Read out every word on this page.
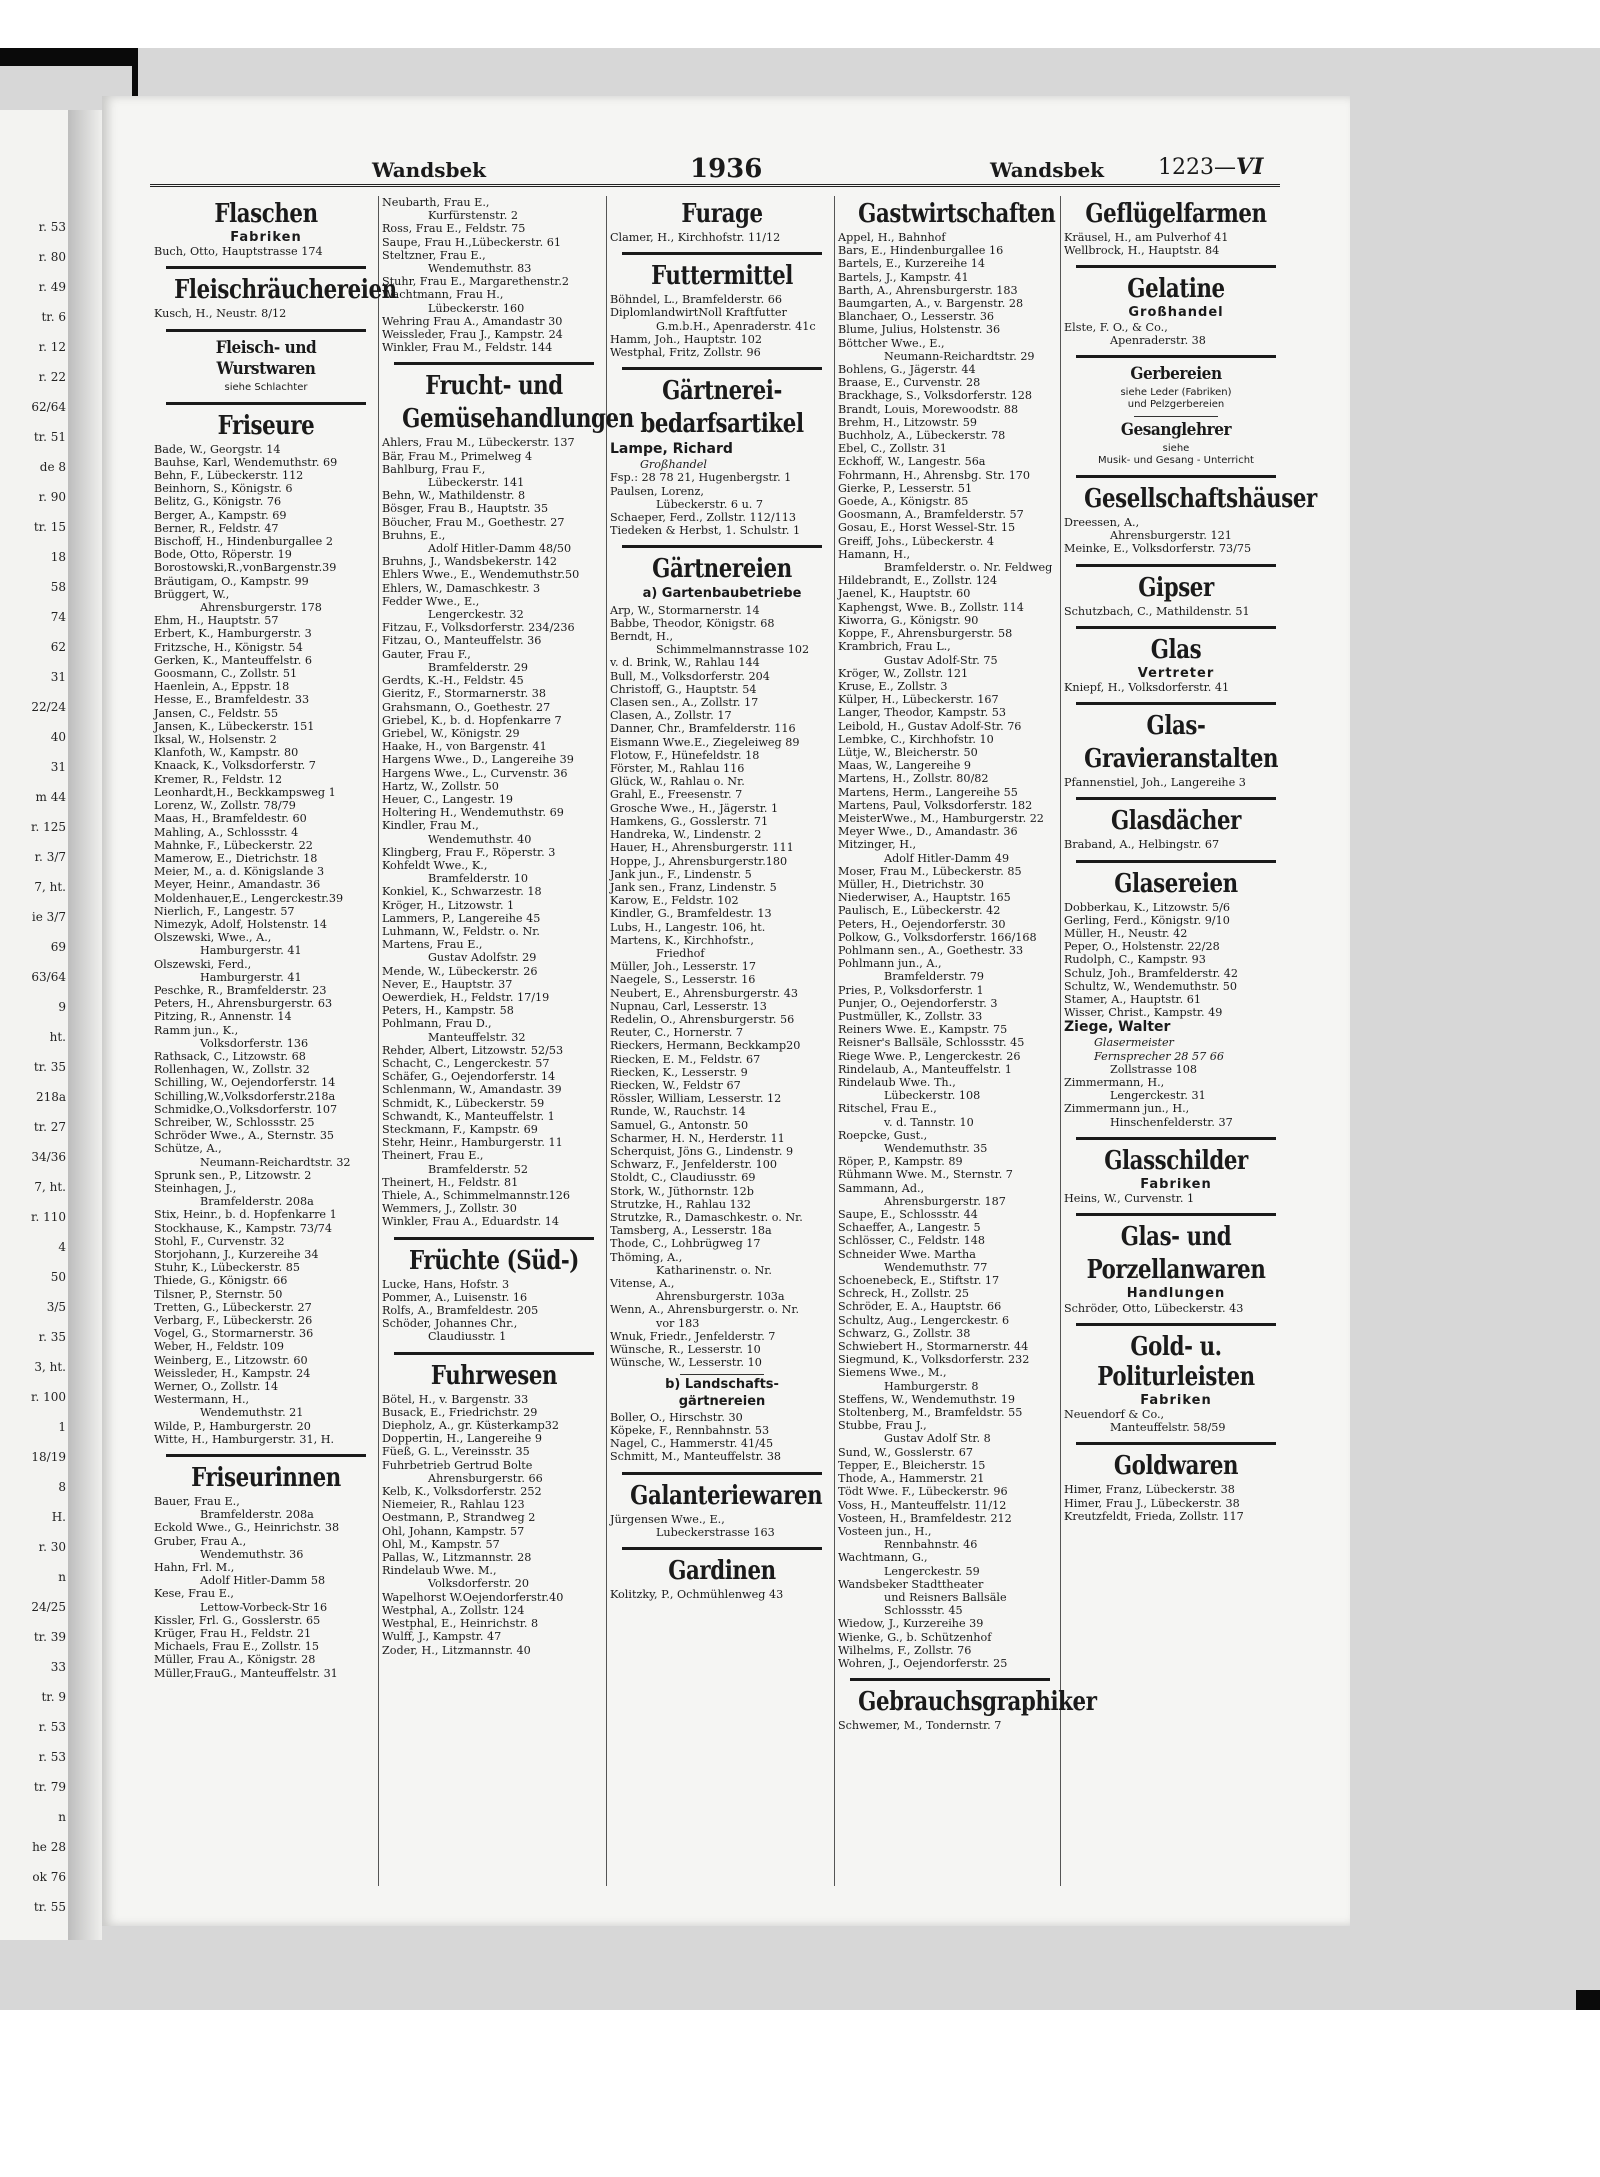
r. 53
r. 80
r. 49
tr. 6
r. 12
r. 22
62/64
tr. 51
de 8
r. 90
tr. 15
18
58
74
62
31
22/24
40
31
m 44
r. 125
r. 3/7
7, ht.
ie 3/7
69
63/64
9
ht.
tr. 35
218a
tr. 27
34/36
7, ht.
r. 110
4
50
3/5
r. 35
3, ht.
r. 100
1
18/19
8
H.
r. 30
n
24/25
tr. 39
33
tr. 9
r. 53
r. 53
tr. 79
n
he 28
ok 76
tr. 55
Wandsbek	1936	Wandsbek 1223—VI
Flaschen
Fabriken
Buch, Otto, Hauptstrasse 174
Fleischräuchereien
Kusch, H., Neustr. 8/12
Fleisch- und Wurstwaren
siehe Schlachter
Friseure
Bade, W., Georgstr. 14
Bauhse, Karl, Wendemuthstr. 69
Behn, F., Lübeckerstr. 112
Beinhorn, S., Königstr. 6
Belitz, G., Königstr. 76
Berger, A., Kampstr. 69
Berner, R., Feldstr. 47
Bischoff, H., Hindenburgallee 2
Bode, Otto, Röperstr. 19
Borostowski,R.,vonBargenstr.39
Bräutigam, O., Kampstr. 99
Brüggert, W.,
Ahrensburgerstr. 178
Ehm, H., Hauptstr. 57
Erbert, K., Hamburgerstr. 3
Fritzsche, H., Königstr. 54
Gerken, K., Manteuffelstr. 6
Goosmann, C., Zollstr. 51
Haenlein, A., Eppstr. 18
Hesse, E., Bramfeldestr. 33
Jansen, C., Feldstr. 55
Jansen, K., Lübeckerstr. 151
Iksal, W., Holsenstr. 2
Klanfoth, W., Kampstr. 80
Knaack, K., Volksdorferstr. 7
Kremer, R., Feldstr. 12
Leonhardt,H., Beckkampsweg 1
Lorenz, W., Zollstr. 78/79
Maas, H., Bramfeldestr. 60
Mahling, A., Schlossstr. 4
Mahnke, F., Lübeckerstr. 22
Mamerow, E., Dietrichstr. 18
Meier, M., a. d. Königslande 3
Meyer, Heinr., Amandastr. 36
Moldenhauer,E., Lengerckestr.39
Nierlich, F., Langestr. 57
Nimezyk, Adolf, Holstenstr. 14
Olszewski, Wwe., A.,
Hamburgerstr. 41
Olszewski, Ferd.,
Hamburgerstr. 41
Peschke, R., Bramfelderstr. 23
Peters, H., Ahrensburgerstr. 63
Pitzing, R., Annenstr. 14
Ramm jun., K.,
Volksdorferstr. 136
Rathsack, C., Litzowstr. 68
Rollenhagen, W., Zollstr. 32
Schilling, W., Oejendorferstr. 14
Schilling,W.,Volksdorferstr.218a
Schmidke,O.,Volksdorferstr. 107
Schreiber, W., Schlossstr. 25
Schröder Wwe., A., Sternstr. 35
Schütze, A.,
Neumann-Reichardtstr. 32
Sprunk sen., P., Litzowstr. 2
Steinhagen, J.,
Bramfelderstr. 208a
Stix, Heinr., b. d. Hopfenkarre 1
Stockhause, K., Kampstr. 73/74
Stohl, F., Curvenstr. 32
Storjohann, J., Kurzereihe 34
Stuhr, K., Lübeckerstr. 85
Thiede, G., Königstr. 66
Tilsner, P., Sternstr. 50
Tretten, G., Lübeckerstr. 27
Verbarg, F., Lübeckerstr. 26
Vogel, G., Stormarnerstr. 36
Weber, H., Feldstr. 109
Weinberg, E., Litzowstr. 60
Weissleder, H., Kampstr. 24
Werner, O., Zollstr. 14
Westermann, H.,
Wendemuthstr. 21
Wilde, P., Hamburgerstr. 20
Witte, H., Hamburgerstr. 31, H.
Friseurinnen
Bauer, Frau E.,
Bramfelderstr. 208a
Eckold Wwe., G., Heinrichstr. 38
Gruber, Frau A.,
Wendemuthstr. 36
Hahn, Frl. M.,
Adolf Hitler-Damm 58
Kese, Frau E.,
Lettow-Vorbeck-Str 16
Kissler, Frl. G., Gosslerstr. 65
Krüger, Frau H., Feldstr. 21
Michaels, Frau E., Zollstr. 15
Müller, Frau A., Königstr. 28
Müller,FrauG., Manteuffelstr. 31
Neubarth, Frau E.,
Kurfürstenstr. 2
Ross, Frau E., Feldstr. 75
Saupe, Frau H.,Lübeckerstr. 61
Steltzner, Frau E.,
Wendemuthstr. 83
Stuhr, Frau E., Margarethenstr.2
Wachtmann, Frau H.,
Lübeckerstr. 160
Wehring Frau A., Amandastr 30
Weissleder, Frau J., Kampstr. 24
Winkler, Frau M., Feldstr. 144
Frucht- und
Gemüsehandlungen
Ahlers, Frau M., Lübeckerstr. 137
Bär, Frau M., Primelweg 4
Bahlburg, Frau F.,
Lübeckerstr. 141
Behn, W., Mathildenstr. 8
Bösger, Frau B., Hauptstr. 35
Böucher, Frau M., Goethestr. 27
Bruhns, E.,
Adolf Hitler-Damm 48/50
Bruhns, J., Wandsbekerstr. 142
Ehlers Wwe., E., Wendemuthstr.50
Ehlers, W., Damaschkestr. 3
Fedder Wwe., E.,
Lengerckestr. 32
Fitzau, F., Volksdorferstr. 234/236
Fitzau, O., Manteuffelstr. 36
Gauter, Frau F.,
Bramfelderstr. 29
Gerdts, K.-H., Feldstr. 45
Gieritz, F., Stormarnerstr. 38
Grahsmann, O., Goethestr. 27
Griebel, K., b. d. Hopfenkarre 7
Griebel, W., Königstr. 29
Haake, H., von Bargenstr. 41
Hargens Wwe., D., Langereihe 39
Hargens Wwe., L., Curvenstr. 36
Hartz, W., Zollstr. 50
Heuer, C., Langestr. 19
Holtering H., Wendemuthstr. 69
Kindler, Frau M.,
Wendemuthstr. 40
Klingberg, Frau F., Röperstr. 3
Kohfeldt Wwe., K.,
Bramfelderstr. 10
Konkiel, K., Schwarzestr. 18
Kröger, H., Litzowstr. 1
Lammers, P., Langereihe 45
Luhmann, W., Feldstr. o. Nr.
Martens, Frau E.,
Gustav Adolfstr. 29
Mende, W., Lübeckerstr. 26
Never, E., Hauptstr. 37
Oewerdiek, H., Feldstr. 17/19
Peters, H., Kampstr. 58
Pohlmann, Frau D.,
Manteuffelstr. 32
Rehder, Albert, Litzowstr. 52/53
Schacht, C., Lengerckestr. 57
Schäfer, G., Oejendorferstr. 14
Schlenmann, W., Amandastr. 39
Schmidt, K., Lübeckerstr. 59
Schwandt, K., Manteuffelstr. 1
Steckmann, F., Kampstr. 69
Stehr, Heinr., Hamburgerstr. 11
Theinert, Frau E.,
Bramfelderstr. 52
Theinert, H., Feldstr. 81
Thiele, A., Schimmelmannstr.126
Wemmers, J., Zollstr. 30
Winkler, Frau A., Eduardstr. 14
Früchte (Süd-)
Lucke, Hans, Hofstr. 3
Pommer, A., Luisenstr. 16
Rolfs, A., Bramfeldestr. 205
Schöder, Johannes Chr.,
Claudiusstr. 1
Fuhrwesen
Bötel, H., v. Bargenstr. 33
Busack, E., Friedrichstr. 29
Diepholz, A., gr. Küsterkamp32
Doppertin, H., Langereihe 9
Füeß, G. L., Vereinsstr. 35
Fuhrbetrieb Gertrud Bolte
Ahrensburgerstr. 66
Kelb, K., Volksdorferstr. 252
Niemeier, R., Rahlau 123
Oestmann, P., Strandweg 2
Ohl, Johann, Kampstr. 57
Ohl, M., Kampstr. 57
Pallas, W., Litzmannstr. 28
Rindelaub Wwe. M.,
Volksdorferstr. 20
Wapelhorst W.Oejendorferstr.40
Westphal, A., Zollstr. 124
Westphal, E., Heinrichstr. 8
Wulff, J., Kampstr. 47
Zoder, H., Litzmannstr. 40
Furage
Clamer, H., Kirchhofstr. 11/12
Futtermittel
Böhndel, L., Bramfelderstr. 66
DiplomlandwirtNoll Kraftfutter
G.m.b.H., Apenraderstr. 41c
Hamm, Joh., Hauptstr. 102
Westphal, Fritz, Zollstr. 96
Gärtnerei-
bedarfsartikel
Lampe, Richard
Großhandel
Fsp.: 28 78 21, Hugenbergstr. 1
Paulsen, Lorenz,
Lübeckerstr. 6 u. 7
Schaeper, Ferd., Zollstr. 112/113
Tiedeken & Herbst, 1. Schulstr. 1
Gärtnereien
a) Gartenbaubetriebe
Arp, W., Stormarnerstr. 14
Babbe, Theodor, Königstr. 68
Berndt, H.,
Schimmelmannstrasse 102
v. d. Brink, W., Rahlau 144
Bull, M., Volksdorferstr. 204
Christoff, G., Hauptstr. 54
Clasen sen., A., Zollstr. 17
Clasen, A., Zollstr. 17
Danner, Chr., Bramfelderstr. 116
Eismann Wwe.E., Ziegeleiweg 89
Flotow, F., Hünefeldstr. 18
Förster, M., Rahlau 116
Glück, W., Rahlau o. Nr.
Grahl, E., Freesenstr. 7
Grosche Wwe., H., Jägerstr. 1
Hamkens, G., Gosslerstr. 71
Handreka, W., Lindenstr. 2
Hauer, H., Ahrensburgerstr. 111
Hoppe, J., Ahrensburgerstr.180
Jank jun., F., Lindenstr. 5
Jank sen., Franz, Lindenstr. 5
Karow, E., Feldstr. 102
Kindler, G., Bramfeldestr. 13
Lubs, H., Langestr. 106, ht.
Martens, K., Kirchhofstr.,
Friedhof
Müller, Joh., Lesserstr. 17
Naegele, S., Lesserstr. 16
Neubert, E., Ahrensburgerstr. 43
Nupnau, Carl, Lesserstr. 13
Redelin, O., Ahrensburgerstr. 56
Reuter, C., Hornerstr. 7
Rieckers, Hermann, Beckkamp20
Riecken, E. M., Feldstr. 67
Riecken, K., Lesserstr. 9
Riecken, W., Feldstr 67
Rössler, William, Lesserstr. 12
Runde, W., Rauchstr. 14
Samuel, G., Antonstr. 50
Scharmer, H. N., Herderstr. 11
Scherquist, Jöns G., Lindenstr. 9
Schwarz, F., Jenfelderstr. 100
Stoldt, C., Claudiusstr. 69
Stork, W., Jüthornstr. 12b
Strutzke, H., Rahlau 132
Strutzke, R., Damaschkestr. o. Nr.
Tamsberg, A., Lesserstr. 18a
Thode, C., Lohbrügweg 17
Thöming, A.,
Katharinenstr. o. Nr.
Vitense, A.,
Ahrensburgerstr. 103a
Wenn, A., Ahrensburgerstr. o. Nr.
vor 183
Wnuk, Friedr., Jenfelderstr. 7
Wünsche, R., Lesserstr. 10
Wünsche, W., Lesserstr. 10
b) Landschafts-
gärtnereien
Boller, O., Hirschstr. 30
Köpeke, F., Rennbahnstr. 53
Nagel, C., Hammerstr. 41/45
Schmitt, M., Manteuffelstr. 38
Galanteriewaren
Jürgensen Wwe., E.,
Lubeckerstrasse 163
Gardinen
Kolitzky, P., Ochmühlenweg 43
Gastwirtschaften
Appel, H., Bahnhof
Bars, E., Hindenburgallee 16
Bartels, E., Kurzereihe 14
Bartels, J., Kampstr. 41
Barth, A., Ahrensburgerstr. 183
Baumgarten, A., v. Bargenstr. 28
Blanchaer, O., Lesserstr. 36
Blume, Julius, Holstenstr. 36
Böttcher Wwe., E.,
Neumann-Reichardtstr. 29
Bohlens, G., Jägerstr. 44
Braase, E., Curvenstr. 28
Brackhage, S., Volksdorferstr. 128
Brandt, Louis, Morewoodstr. 88
Brehm, H., Litzowstr. 59
Buchholz, A., Lübeckerstr. 78
Ebel, C., Zollstr. 31
Eckhoff, W., Langestr. 56a
Fohrmann, H., Ahrensbg. Str. 170
Gierke, P., Lesserstr. 51
Goede, A., Königstr. 85
Goosmann, A., Bramfelderstr. 57
Gosau, E., Horst Wessel-Str. 15
Greiff, Johs., Lübeckerstr. 4
Hamann, H.,
Bramfelderstr. o. Nr. Feldweg
Hildebrandt, E., Zollstr. 124
Jaenel, K., Hauptstr. 60
Kaphengst, Wwe. B., Zollstr. 114
Kiworra, G., Königstr. 90
Koppe, F., Ahrensburgerstr. 58
Krambrich, Frau L.,
Gustav Adolf-Str. 75
Kröger, W., Zollstr. 121
Kruse, E., Zollstr. 3
Külper, H., Lübeckerstr. 167
Langer, Theodor, Kampstr. 53
Leibold, H., Gustav Adolf-Str. 76
Lembke, C., Kirchhofstr. 10
Lütje, W., Bleicherstr. 50
Maas, W., Langereihe 9
Martens, H., Zollstr. 80/82
Martens, Herm., Langereihe 55
Martens, Paul, Volksdorferstr. 182
MeisterWwe., M., Hamburgerstr. 22
Meyer Wwe., D., Amandastr. 36
Mitzinger, H.,
Adolf Hitler-Damm 49
Moser, Frau M., Lübeckerstr. 85
Müller, H., Dietrichstr. 30
Niederwiser, A., Hauptstr. 165
Paulisch, E., Lübeckerstr. 42
Peters, H., Oejendorferstr. 30
Polkow, G., Volksdorferstr. 166/168
Pohlmann sen., A., Goethestr. 33
Pohlmann jun., A.,
Bramfelderstr. 79
Pries, P., Volksdorferstr. 1
Punjer, O., Oejendorferstr. 3
Pustmüller, K., Zollstr. 33
Reiners Wwe. E., Kampstr. 75
Reisner's Ballsäle, Schlossstr. 45
Riege Wwe. P., Lengerckestr. 26
Rindelaub, A., Manteuffelstr. 1
Rindelaub Wwe. Th.,
Lübeckerstr. 108
Ritschel, Frau E.,
v. d. Tannstr. 10
Roepcke, Gust.,
Wendemuthstr. 35
Röper, P., Kampstr. 89
Rühmann Wwe. M., Sternstr. 7
Sammann, Ad.,
Ahrensburgerstr. 187
Saupe, E., Schlossstr. 44
Schaeffer, A., Langestr. 5
Schlösser, C., Feldstr. 148
Schneider Wwe. Martha
Wendemuthstr. 77
Schoenebeck, E., Stiftstr. 17
Schreck, H., Zollstr. 25
Schröder, E. A., Hauptstr. 66
Schultz, Aug., Lengerckestr. 6
Schwarz, G., Zollstr. 38
Schwiebert H., Stormarnerstr. 44
Siegmund, K., Volksdorferstr. 232
Siemens Wwe., M.,
Hamburgerstr. 8
Steffens, W., Wendemuthstr. 19
Stoltenberg, M., Bramfeldstr. 55
Stubbe, Frau J.,
Gustav Adolf Str. 8
Sund, W., Gosslerstr. 67
Tepper, E., Bleicherstr. 15
Thode, A., Hammerstr. 21
Tödt Wwe. F., Lübeckerstr. 96
Voss, H., Manteuffelstr. 11/12
Vosteen, H., Bramfeldestr. 212
Vosteen jun., H.,
Rennbahnstr. 46
Wachtmann, G.,
Lengerckestr. 59
Wandsbeker Stadttheater
und Reisners Ballsäle
Schlossstr. 45
Wiedow, J., Kurzereihe 39
Wienke, G., b. Schützenhof
Wilhelms, F., Zollstr. 76
Wohren, J., Oejendorferstr. 25
Gebrauchsgraphiker
Schwemer, M., Tondernstr. 7
Geflügelfarmen
Kräusel, H., am Pulverhof 41
Wellbrock, H., Hauptstr. 84
Gelatine
Großhandel
Elste, F. O., & Co.,
Apenraderstr. 38
Gerbereien
siehe Leder (Fabriken)
und Pelzgerbereien
Gesanglehrer
siehe
Musik- und Gesang - Unterricht
Gesellschaftshäuser
Dreessen, A.,
Ahrensburgerstr. 121
Meinke, E., Volksdorferstr. 73/75
Gipser
Schutzbach, C., Mathildenstr. 51
Glas
Vertreter
Kniepf, H., Volksdorferstr. 41
Glas-
Gravieranstalten
Pfannenstiel, Joh., Langereihe 3
Glasdächer
Braband, A., Helbingstr. 67
Glasereien
Dobberkau, K., Litzowstr. 5/6
Gerling, Ferd., Königstr. 9/10
Müller, H., Neustr. 42
Peper, O., Holstenstr. 22/28
Rudolph, C., Kampstr. 93
Schulz, Joh., Bramfelderstr. 42
Schultz, W., Wendemuthstr. 50
Stamer, A., Hauptstr. 61
Wisser, Christ., Kampstr. 49
Ziege, Walter
Glasermeister
Fernsprecher 28 57 66
Zollstrasse 108
Zimmermann, H.,
Lengerckestr. 31
Zimmermann jun., H.,
Hinschenfelderstr. 37
Glasschilder
Fabriken
Heins, W., Curvenstr. 1
Glas- und
Porzellanwaren
Handlungen
Schröder, Otto, Lübeckerstr. 43
Gold- u. Politurleisten
Fabriken
Neuendorf & Co.,
Manteuffelstr. 58/59
Goldwaren
Himer, Franz, Lübeckerstr. 38
Himer, Frau J., Lübeckerstr. 38
Kreutzfeldt, Frieda, Zollstr. 117
